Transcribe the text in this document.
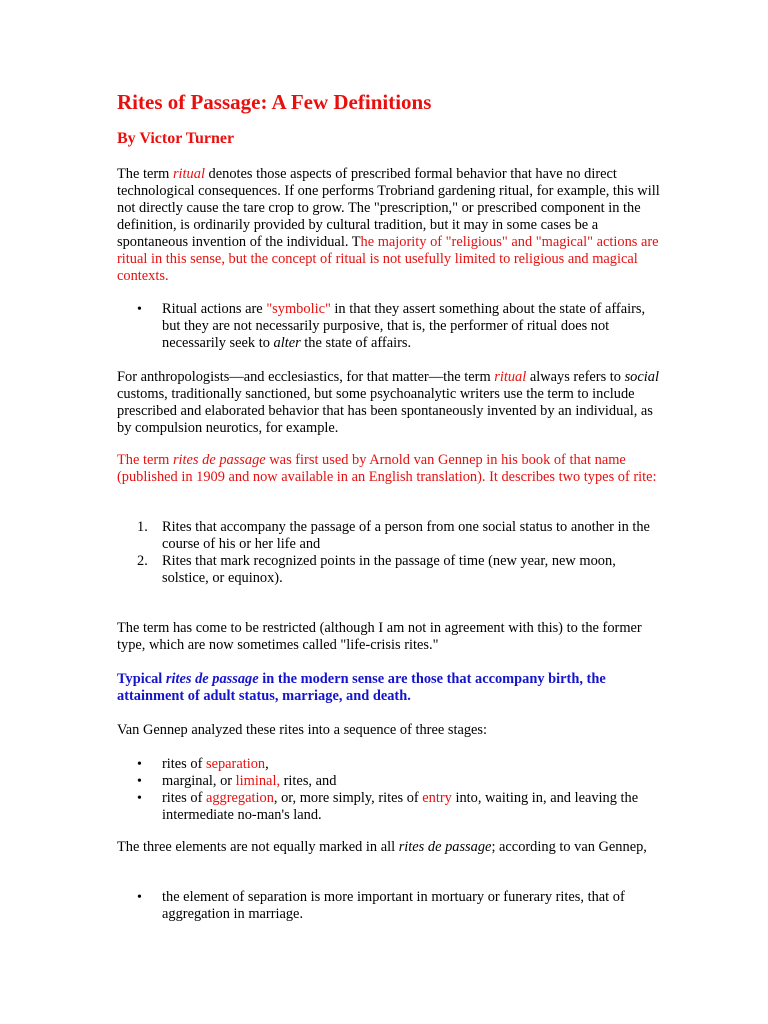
Rites of Passage: A Few Definitions
By Victor Turner

The term ritual denotes those aspects of prescribed formal behavior that have no direct technological consequences. If one performs Trobriand gardening ritual, for example, this will not directly cause the tare crop to grow. The "prescription," or prescribed component in the definition, is ordinarily provided by cultural tradition, but it may in some cases be a spontaneous invention of the individual. The majority of "religious" and "magical" actions are ritual in this sense, but the concept of ritual is not usefully limited to religious and magical contexts.

• Ritual actions are "symbolic" in that they assert something about the state of affairs, but they are not necessarily purposive, that is, the performer of ritual does not necessarily seek to alter the state of affairs.

For anthropologists—and ecclesiastics, for that matter—the term ritual always refers to social customs, traditionally sanctioned, but some psychoanalytic writers use the term to include prescribed and elaborated behavior that has been spontaneously invented by an individual, as by compulsion neurotics, for example.

The term rites de passage was first used by Arnold van Gennep in his book of that name (published in 1909 and now available in an English translation). It describes two types of rite:

1. Rites that accompany the passage of a person from one social status to another in the course of his or her life and
2. Rites that mark recognized points in the passage of time (new year, new moon, solstice, or equinox).

The term has come to be restricted (although I am not in agreement with this) to the former type, which are now sometimes called "life-crisis rites."

Typical rites de passage in the modern sense are those that accompany birth, the attainment of adult status, marriage, and death.

Van Gennep analyzed these rites into a sequence of three stages:

• rites of separation,
• marginal, or liminal, rites, and
• rites of aggregation, or, more simply, rites of entry into, waiting in, and leaving the intermediate no-man's land.

The three elements are not equally marked in all rites de passage; according to van Gennep,

• the element of separation is more important in mortuary or funerary rites, that of aggregation in marriage.
